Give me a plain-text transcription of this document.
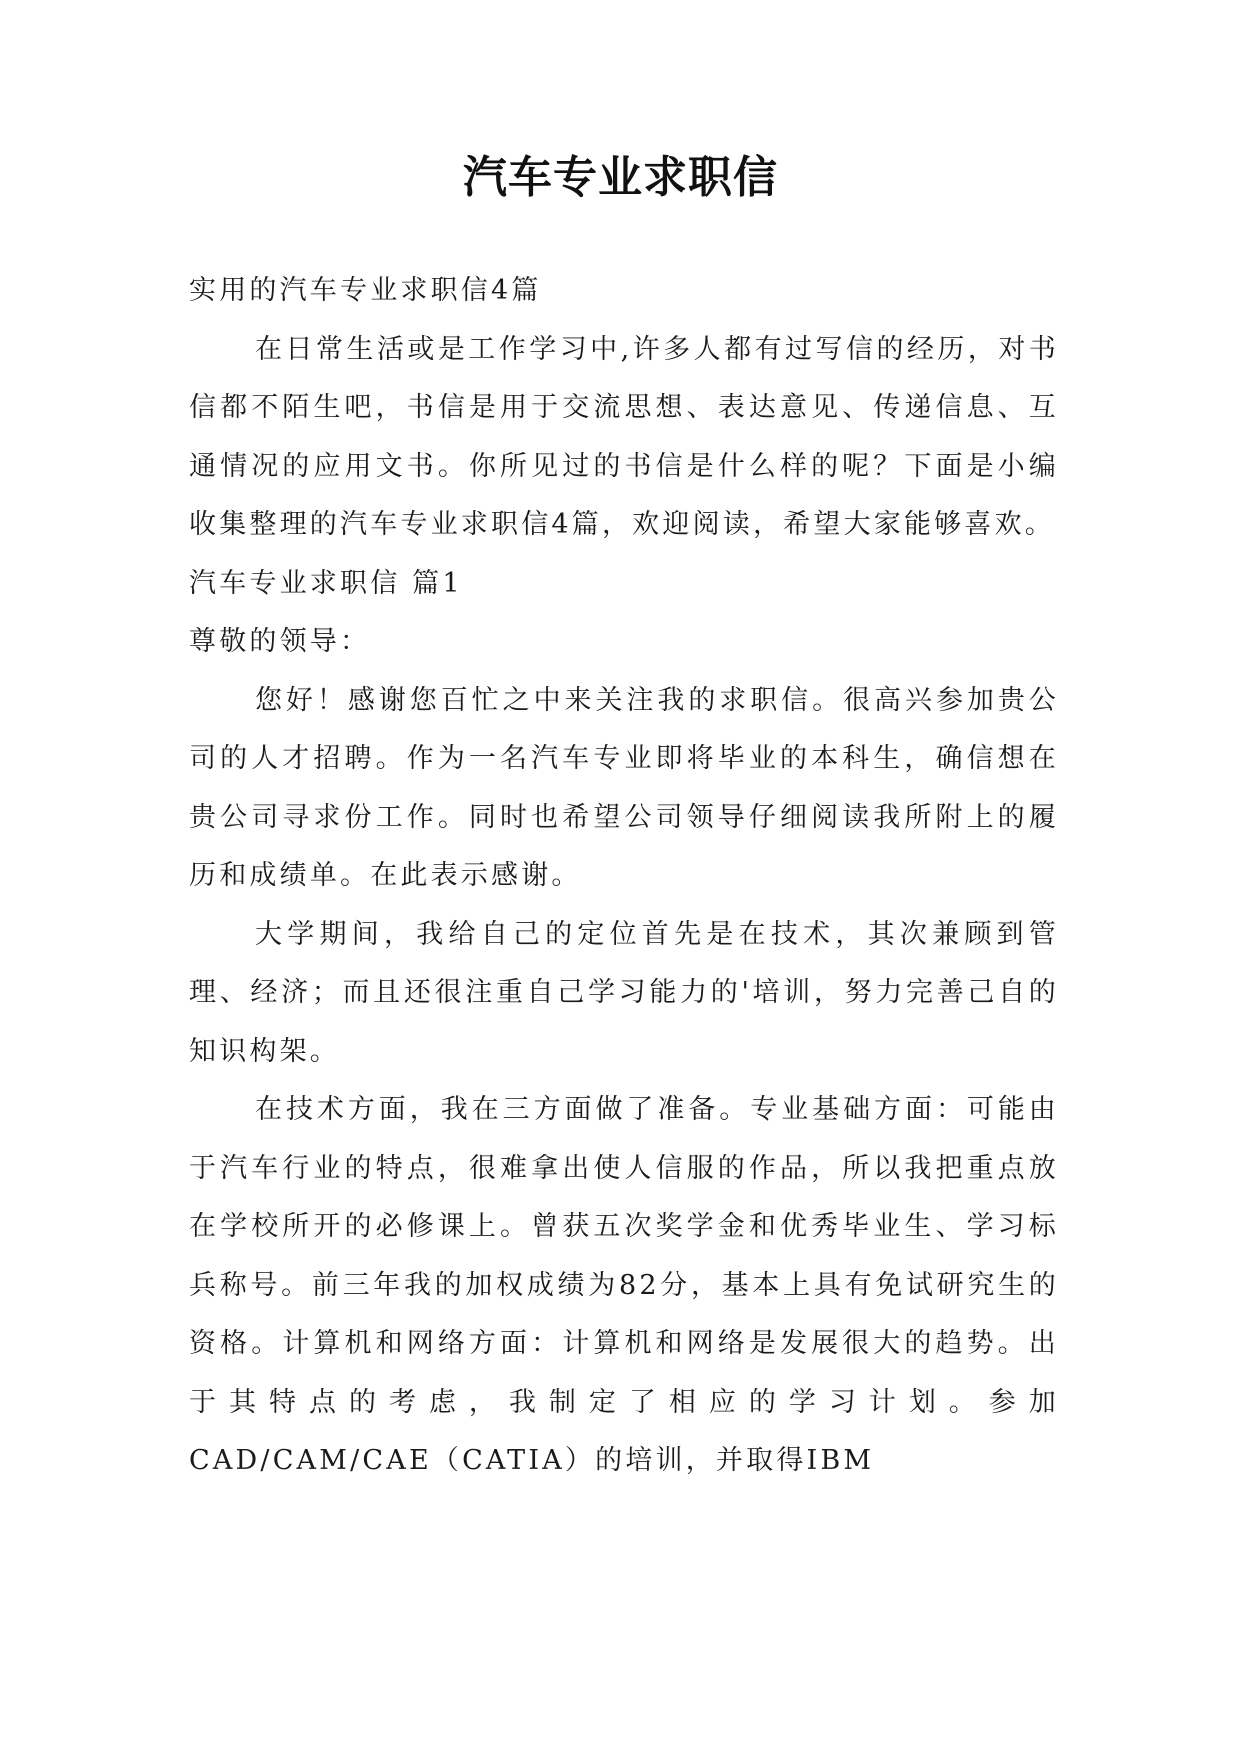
汽车专业求职信

实用的汽车专业求职信4篇

在日常生活或是工作学习中,许多人都有过写信的经历，对书信都不陌生吧，书信是用于交流思想、表达意见、传递信息、互通情况的应用文书。你所见过的书信是什么样的呢？下面是小编收集整理的汽车专业求职信4篇，欢迎阅读，希望大家能够喜欢。

汽车专业求职信 篇1

尊敬的领导：

您好！感谢您百忙之中来关注我的求职信。很高兴参加贵公司的人才招聘。作为一名汽车专业即将毕业的本科生，确信想在贵公司寻求份工作。同时也希望公司领导仔细阅读我所附上的履历和成绩单。在此表示感谢。

大学期间，我给自己的定位首先是在技术，其次兼顾到管理、经济；而且还很注重自己学习能力的'培训，努力完善己自的知识构架。

在技术方面，我在三方面做了准备。专业基础方面：可能由于汽车行业的特点，很难拿出使人信服的作品，所以我把重点放在学校所开的必修课上。曾获五次奖学金和优秀毕业生、学习标兵称号。前三年我的加权成绩为82分，基本上具有免试研究生的资格。计算机和网络方面：计算机和网络是发展很大的趋势。出于其特点的考虑，我制定了相应的学习计划。参加CAD/CAM/CAE（CATIA）的培训，并取得IBM
